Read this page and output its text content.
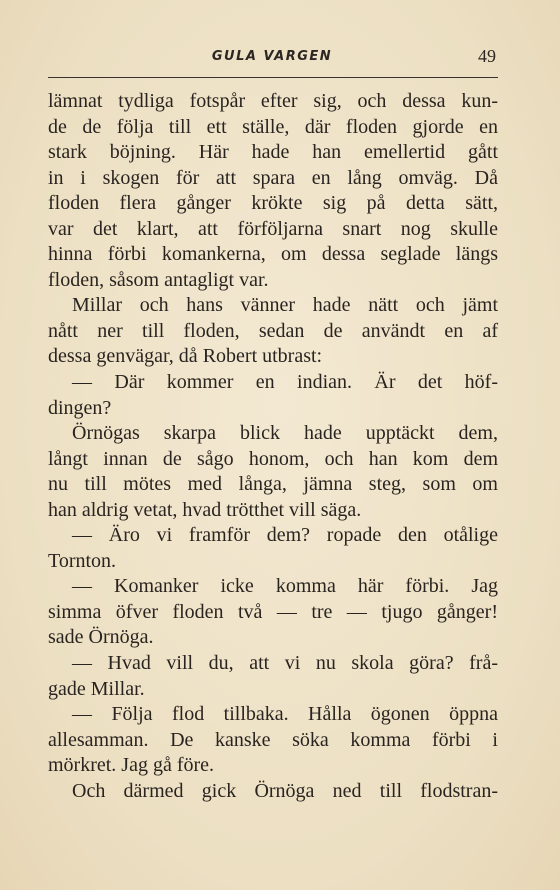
GULA VARGEN	49
lämnat tydliga fotspår efter sig, och dessa kun-
de de följa till ett ställe, där floden gjorde en
stark böjning. Här hade han emellertid gått
in i skogen för att spara en lång omväg. Då
floden flera gånger krökte sig på detta sätt,
var det klart, att förföljarna snart nog skulle
hinna förbi komankerna, om dessa seglade längs
floden, såsom antagligt var.
Millar och hans vänner hade nätt och jämt
nått ner till floden, sedan de användt en af
dessa genvägar, då Robert utbrast:
— Där kommer en indian. Är det höf-
dingen?
Örnögas skarpa blick hade upptäckt dem,
långt innan de sågo honom, och han kom dem
nu till mötes med långa, jämna steg, som om
han aldrig vetat, hvad trötthet vill säga.
— Äro vi framför dem? ropade den otålige
Tornton.
— Komanker icke komma här förbi. Jag
simma öfver floden två — tre — tjugo gånger!
sade Örnöga.
— Hvad vill du, att vi nu skola göra? frå-
gade Millar.
— Följa flod tillbaka. Hålla ögonen öppna
allesamman. De kanske söka komma förbi i
mörkret. Jag gå före.
Och därmed gick Örnöga ned till flodstran-
